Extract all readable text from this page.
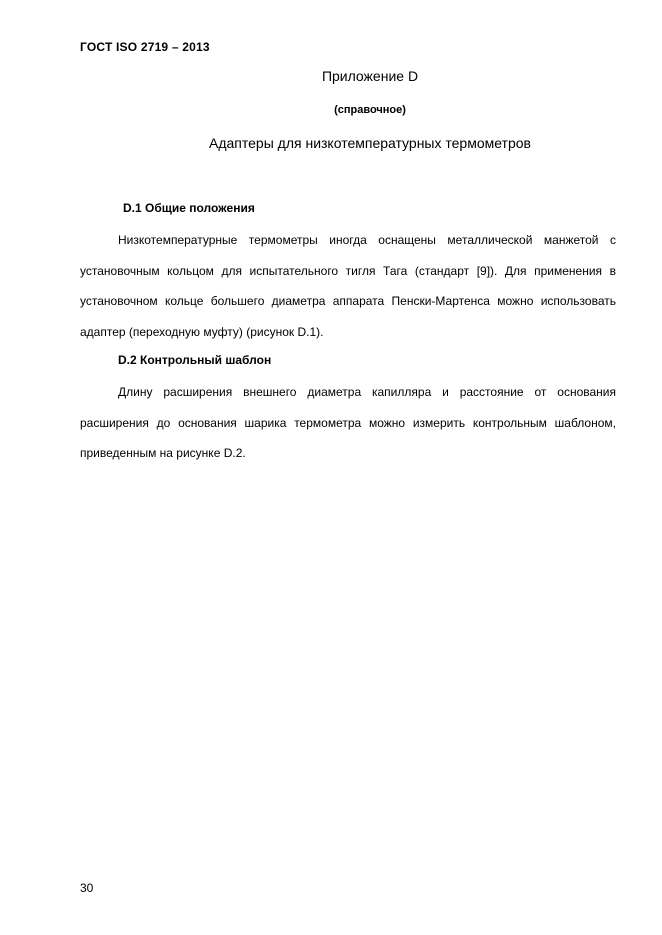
ГОСТ ISO 2719 – 2013
Приложение D
(справочное)
Адаптеры для низкотемпературных термометров
D.1 Общие положения

Низкотемпературные термометры иногда оснащены металлической манжетой с установочным кольцом для испытательного тигля Тага (стандарт [9]). Для применения в установочном кольце большего диаметра аппарата Пенски-Мартенса можно использовать адаптер (переходную муфту) (рисунок D.1).

D.2 Контрольный шаблон

Длину расширения внешнего диаметра капилляра и расстояние от основания расширения до основания шарика термометра можно измерить контрольным шаблоном, приведенным на рисунке D.2.

30
